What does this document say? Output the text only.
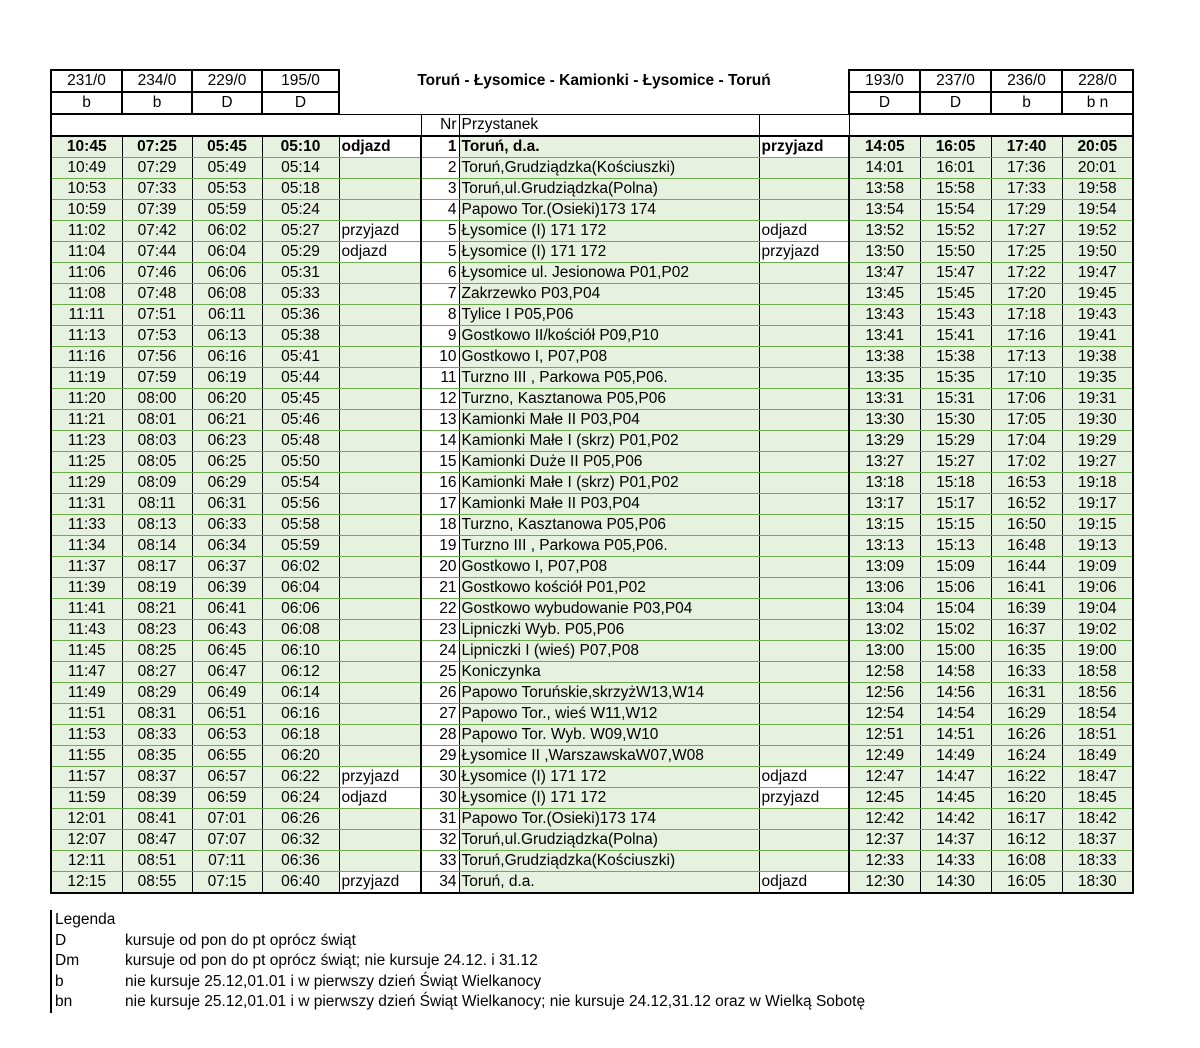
231/0	234/0	229/0	195/0	Toruń - Łysomice - Kamionki - Łysomice - Toruń				193/0	237/0	236/0	228/0
b	b	D	D					D	D	b	b n
					Nr	Przystanek					
10:45	07:25	05:45	05:10	odjazd	1	Toruń, d.a.	przyjazd	14:05	16:05	17:40	20:05
10:49	07:29	05:49	05:14		2	Toruń,Grudziądzka(Kościuszki)		14:01	16:01	17:36	20:01
10:53	07:33	05:53	05:18		3	Toruń,ul.Grudziądzka(Polna)		13:58	15:58	17:33	19:58
10:59	07:39	05:59	05:24		4	Papowo Tor.(Osieki)173 174		13:54	15:54	17:29	19:54
11:02	07:42	06:02	05:27	przyjazd	5	Łysomice (I) 171 172	odjazd	13:52	15:52	17:27	19:52
11:04	07:44	06:04	05:29	odjazd	5	Łysomice (I) 171 172	przyjazd	13:50	15:50	17:25	19:50
11:06	07:46	06:06	05:31		6	Łysomice ul. Jesionowa P01,P02		13:47	15:47	17:22	19:47
11:08	07:48	06:08	05:33		7	Zakrzewko P03,P04		13:45	15:45	17:20	19:45
11:11	07:51	06:11	05:36		8	Tylice I P05,P06		13:43	15:43	17:18	19:43
11:13	07:53	06:13	05:38		9	Gostkowo II/kościół P09,P10		13:41	15:41	17:16	19:41
11:16	07:56	06:16	05:41		10	Gostkowo I, P07,P08		13:38	15:38	17:13	19:38
11:19	07:59	06:19	05:44		11	Turzno III , Parkowa P05,P06.		13:35	15:35	17:10	19:35
11:20	08:00	06:20	05:45		12	Turzno, Kasztanowa P05,P06		13:31	15:31	17:06	19:31
11:21	08:01	06:21	05:46		13	Kamionki Małe II P03,P04		13:30	15:30	17:05	19:30
11:23	08:03	06:23	05:48		14	Kamionki Małe I (skrz) P01,P02		13:29	15:29	17:04	19:29
11:25	08:05	06:25	05:50		15	Kamionki Duże II P05,P06		13:27	15:27	17:02	19:27
11:29	08:09	06:29	05:54		16	Kamionki Małe I (skrz) P01,P02		13:18	15:18	16:53	19:18
11:31	08:11	06:31	05:56		17	Kamionki Małe II P03,P04		13:17	15:17	16:52	19:17
11:33	08:13	06:33	05:58		18	Turzno, Kasztanowa P05,P06		13:15	15:15	16:50	19:15
11:34	08:14	06:34	05:59		19	Turzno III , Parkowa P05,P06.		13:13	15:13	16:48	19:13
11:37	08:17	06:37	06:02		20	Gostkowo I, P07,P08		13:09	15:09	16:44	19:09
11:39	08:19	06:39	06:04		21	Gostkowo kościół P01,P02		13:06	15:06	16:41	19:06
11:41	08:21	06:41	06:06		22	Gostkowo wybudowanie P03,P04		13:04	15:04	16:39	19:04
11:43	08:23	06:43	06:08		23	Lipniczki Wyb. P05,P06		13:02	15:02	16:37	19:02
11:45	08:25	06:45	06:10		24	Lipniczki I (wieś) P07,P08		13:00	15:00	16:35	19:00
11:47	08:27	06:47	06:12		25	Koniczynka		12:58	14:58	16:33	18:58
11:49	08:29	06:49	06:14		26	Papowo Toruńskie,skrzyżW13,W14		12:56	14:56	16:31	18:56
11:51	08:31	06:51	06:16		27	Papowo Tor., wieś W11,W12		12:54	14:54	16:29	18:54
11:53	08:33	06:53	06:18		28	Papowo Tor. Wyb. W09,W10		12:51	14:51	16:26	18:51
11:55	08:35	06:55	06:20		29	Łysomice II ,WarszawskaW07,W08		12:49	14:49	16:24	18:49
11:57	08:37	06:57	06:22	przyjazd	30	Łysomice (I) 171 172	odjazd	12:47	14:47	16:22	18:47
11:59	08:39	06:59	06:24	odjazd	30	Łysomice (I) 171 172	przyjazd	12:45	14:45	16:20	18:45
12:01	08:41	07:01	06:26		31	Papowo Tor.(Osieki)173 174		12:42	14:42	16:17	18:42
12:07	08:47	07:07	06:32		32	Toruń,ul.Grudziądzka(Polna)		12:37	14:37	16:12	18:37
12:11	08:51	07:11	06:36		33	Toruń,Grudziądzka(Kościuszki)		12:33	14:33	16:08	18:33
12:15	08:55	07:15	06:40	przyjazd	34	Toruń, d.a.	odjazd	12:30	14:30	16:05	18:30
Legenda
D	kursuje od pon do pt oprócz świąt
Dm	kursuje od pon do pt oprócz świąt; nie kursuje 24.12. i 31.12
b	nie kursuje 25.12,01.01 i w pierwszy dzień Świąt Wielkanocy
bn	nie kursuje 25.12,01.01 i w pierwszy dzień Świąt Wielkanocy; nie kursuje 24.12,31.12 oraz w Wielką Sobotę
